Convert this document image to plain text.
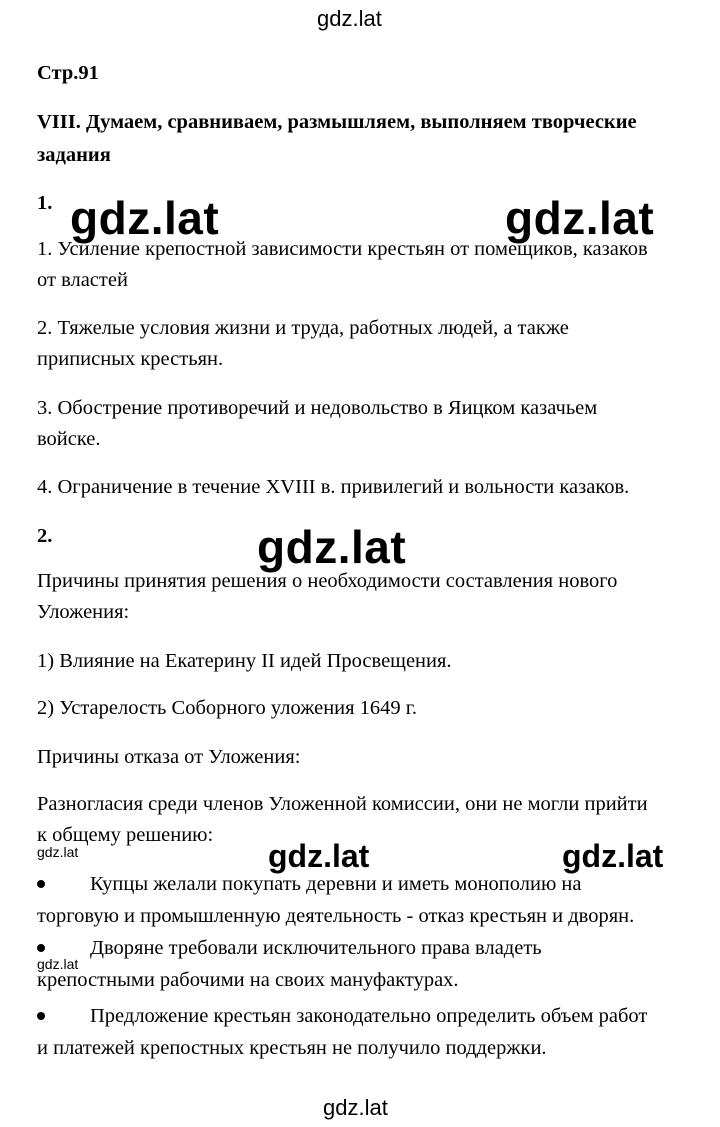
gdz.lat
Стр.91
VIII. Думаем, сравниваем, размышляем, выполняем творческие
задания
1. gdz.lat	gdz.lat
1. Усиление крепостной зависимости крестьян от помещиков, казаков
от властей
2. Тяжелые условия жизни и труда, работных людей, а также
приписных крестьян.
3. Обострение противоречий и недовольство в Яицком казачьем
войске.
4. Ограничение в течение XVIII в. привилегий и вольности казаков.
2.	gdz.lat
Причины принятия решения о необходимости составления нового
Уложения:
1) Влияние на Екатерину II идей Просвещения.
2) Устарелость Соборного уложения 1649 г.
Причины отказа от Уложения:
Разногласия среди членов Уложенной комиссии, они не могли прийти
к общему решению:
gdz.lat	gdz.lat	gdz.lat
Купцы желали покупать деревни и иметь монополию на
торговую и промышленную деятельность - отказ крестьян и дворян.
Дворяне требовали исключительного права владеть
gdz.lat
крепостными рабочими на своих мануфактурах.
Предложение крестьян законодательно определить объем работ
и платежей крепостных крестьян не получило поддержки.
gdz.lat
